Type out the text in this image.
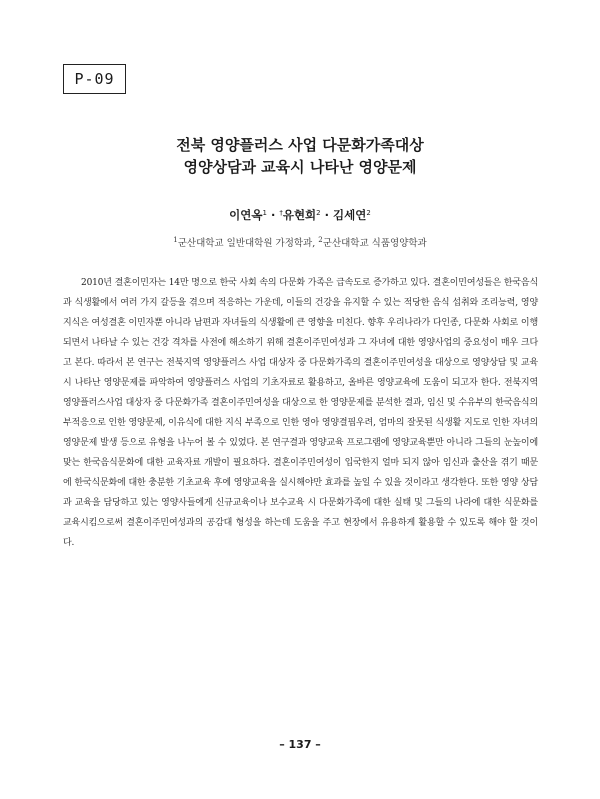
P-09
전북 영양플러스 사업 다문화가족대상
영양상담과 교육시 나타난 영양문제
이연옥$^1$ · †유현희$^2$ · 김세연$^2$
$^1$군산대학교 일반대학원 가정학과, $^2$군산대학교 식품영양학과

2010년 결혼이민자는 14만 명으로 한국 사회 속의 다문화 가족은 급속도로 증가하고 있다. 결혼이민여성들은 한국음식과 식생활에서 여러 가지 갈등을 겪으며 적응하는 가운데, 이들의 건강을 유지할 수 있는 적당한 음식 섭취와 조리능력, 영양지식은 여성결혼 이민자뿐 아니라 남편과 자녀들의 식생활에 큰 영향을 미친다. 향후 우리나라가 다인종, 다문화 사회로 이행되면서 나타날 수 있는 건강 격차를 사전에 해소하기 위해 결혼이주민여성과 그 자녀에 대한 영양사업의 중요성이 매우 크다고 본다. 따라서 본 연구는 전북지역 영양플러스 사업 대상자 중 다문화가족의 결혼이주민여성을 대상으로 영양상담 및 교육시 나타난 영양문제를 파악하여 영양플러스 사업의 기초자료로 활용하고, 올바른 영양교육에 도움이 되고자 한다. 전북지역 영양플러스사업 대상자 중 다문화가족 결혼이주민여성을 대상으로 한 영양문제를 분석한 결과, 임신 및 수유부의 한국음식의 부적응으로 인한 영양문제, 이유식에 대한 지식 부족으로 인한 영아 영양결핍우려, 엄마의 잘못된 식생활 지도로 인한 자녀의 영양문제 발생 등으로 유형을 나누어 볼 수 있었다. 본 연구결과 영양교육 프로그램에 영양교육뿐만 아니라 그들의 눈높이에 맞는 한국음식문화에 대한 교육자료 개발이 필요하다. 결혼이주민여성이 입국한지 얼마 되지 않아 임신과 출산을 겪기 때문에 한국식문화에 대한 충분한 기초교육 후에 영양교육을 실시해야만 효과를 높일 수 있을 것이라고 생각한다. 또한 영양 상담과 교육을 담당하고 있는 영양사들에게 신규교육이나 보수교육 시 다문화가족에 대한 실태 및 그들의 나라에 대한 식문화를 교육시킴으로써 결혼이주민여성과의 공감대 형성을 하는데 도움을 주고 현장에서 유용하게 활용할 수 있도록 해야 할 것이다.

– 137 –
